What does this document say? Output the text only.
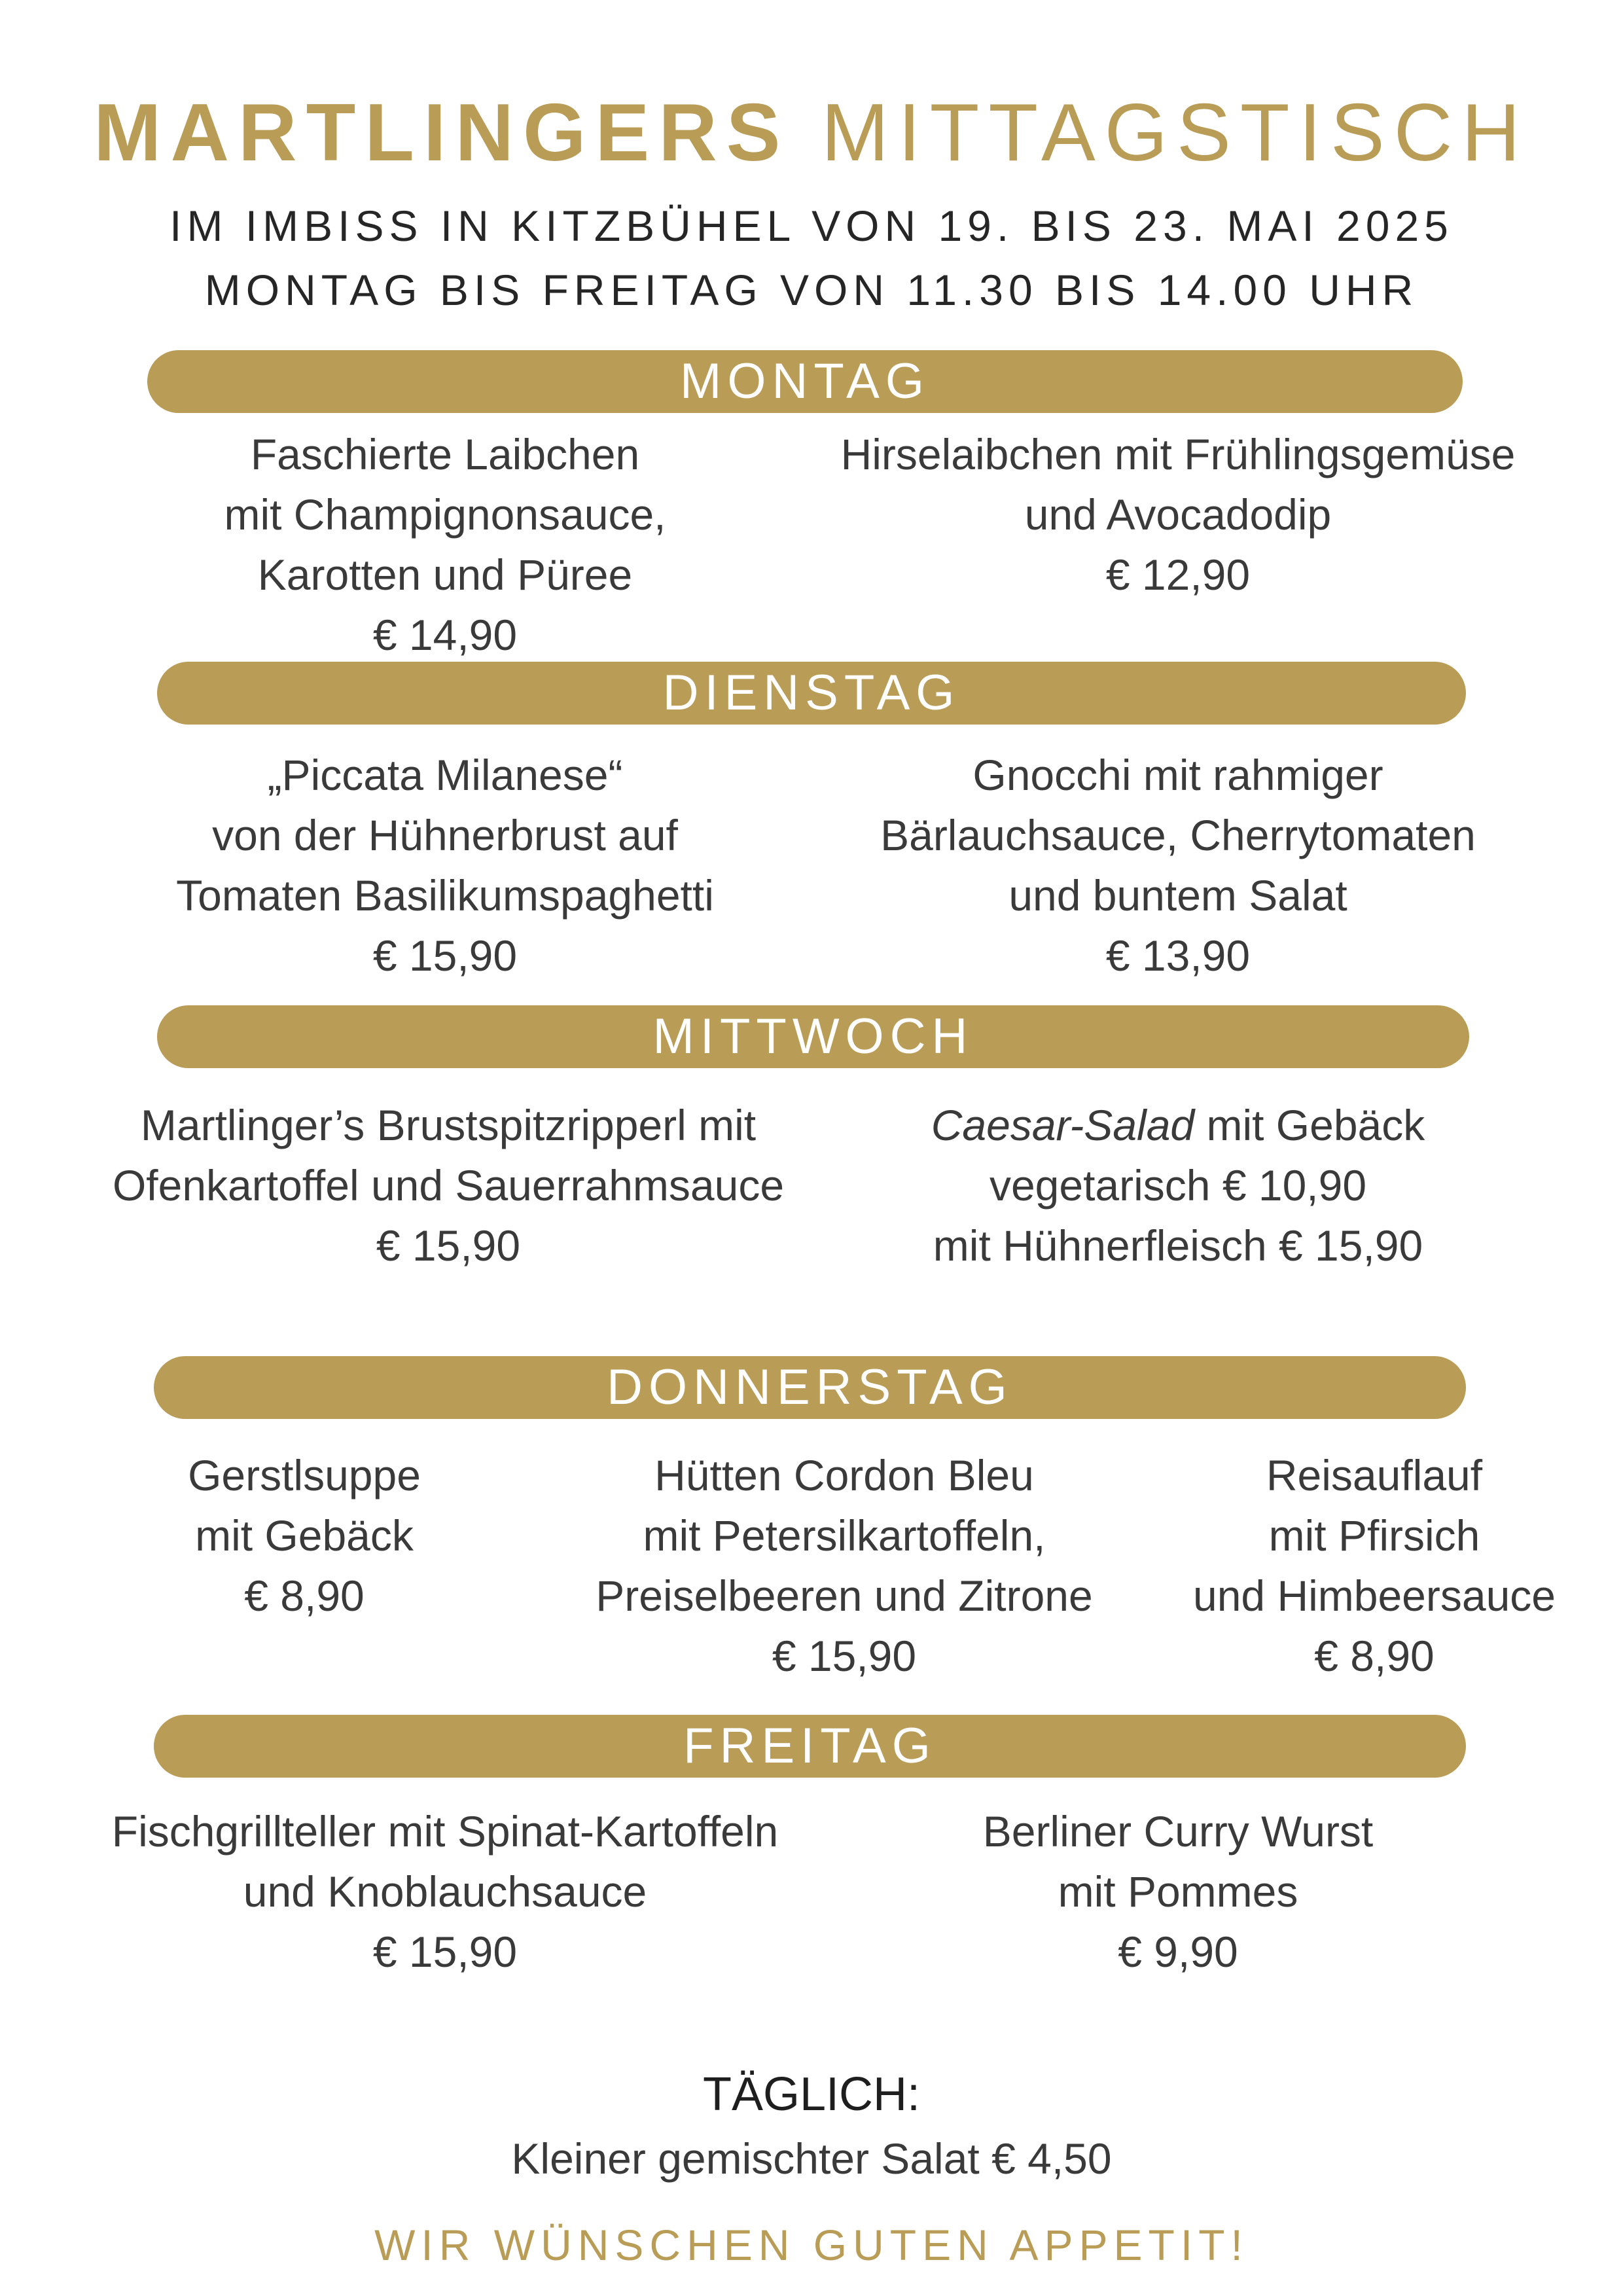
MARTLINGERS MITTAGSTISCH
IM IMBISS IN KITZBÜHEL VON 19. BIS 23. MAI 2025
MONTAG BIS FREITAG VON 11.30 BIS 14.00 UHR
MONTAG
Faschierte Laibchen
mit Champignonsauce,
Karotten und Püree
€ 14,90
Hirselaibchen mit Frühlingsgemüse
und Avocadodip
€ 12,90
DIENSTAG
„Piccata Milanese“
von der Hühnerbrust auf
Tomaten Basilikumspaghetti
€ 15,90
Gnocchi mit rahmiger
Bärlauchsauce, Cherrytomaten
und buntem Salat
€ 13,90
MITTWOCH
Martlinger’s Brustspitzripperl mit
Ofenkartoffel und Sauerrahmsauce
€ 15,90
Caesar-Salad mit Gebäck
vegetarisch € 10,90
mit Hühnerfleisch € 15,90
DONNERSTAG
Gerstlsuppe
mit Gebäck
€ 8,90
Hütten Cordon Bleu
mit Petersilkartoffeln,
Preiselbeeren und Zitrone
€ 15,90
Reisauflauf
mit Pfirsich
und Himbeersauce
€ 8,90
FREITAG
Fischgrillteller mit Spinat-Kartoffeln
und Knoblauchsauce
€ 15,90
Berliner Curry Wurst
mit Pommes
€ 9,90
TÄGLICH:
Kleiner gemischter Salat € 4,50
WIR WÜNSCHEN GUTEN APPETIT!
